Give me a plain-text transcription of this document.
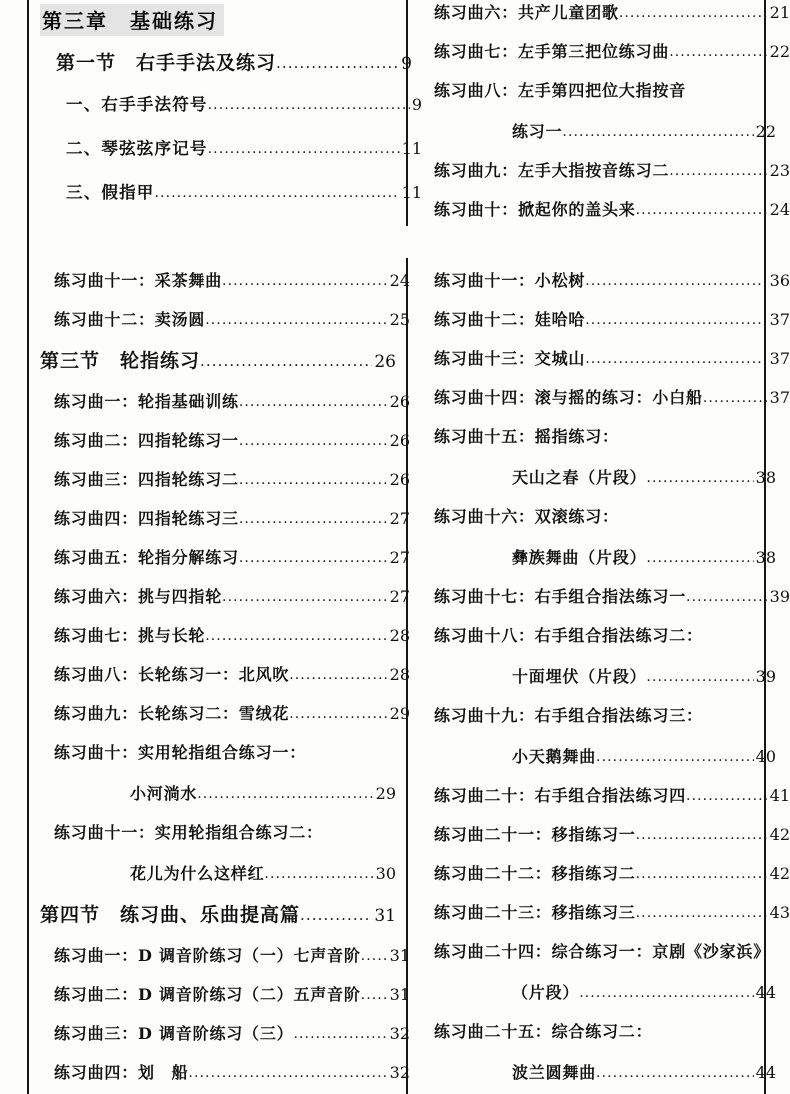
第三章　基础练习
第一节　右手手法及练习 .....	9
一、右手手法符号 .....	9
二、琴弦弦序记号 .....	11
三、假指甲 .....	11
练习曲十一：采茶舞曲 .....	24
练习曲十二：卖汤圆 .....	25
第三节　轮指练习 .....	26
练习曲一：轮指基础训练 .....	26
练习曲二：四指轮练习一 .....	26
练习曲三：四指轮练习二 .....	26
练习曲四：四指轮练习三 .....	27
练习曲五：轮指分解练习 .....	27
练习曲六：挑与四指轮 .....	27
练习曲七：挑与长轮 .....	28
练习曲八：长轮练习一：北风吹 .....	28
练习曲九：长轮练习二：雪绒花 .....	29
练习曲十：实用轮指组合练习一：
小河淌水 .....	29
练习曲十一：实用轮指组合练习二：
花儿为什么这样红 .....	30
第四节　练习曲、乐曲提高篇 .....	31
练习曲一：D 调音阶练习（一）七声音阶 ..... 31
练习曲二：D 调音阶练习（二）五声音阶 ..... 31
练习曲三：D 调音阶练习（三） .....	32
练习曲四：划　船 .....	32
练习曲六：共产儿童团歌 .....	21
练习曲七：左手第三把位练习曲 .....	22
练习曲八：左手第四把位大指按音
练习一 .....	22
练习曲九：左手大指按音练习二 .....	23
练习曲十：掀起你的盖头来 .....	24
练习曲十一：小松树 .....	36
练习曲十二：娃哈哈 .....	37
练习曲十三：交城山 .....	37
练习曲十四：滚与摇的练习：小白船 .....	37
练习曲十五：摇指练习：
天山之春（片段） .....	38
练习曲十六：双滚练习：
彝族舞曲（片段） .....	38
练习曲十七：右手组合指法练习一 .....	39
练习曲十八：右手组合指法练习二：
十面埋伏（片段） .....	39
练习曲十九：右手组合指法练习三：
小天鹅舞曲 .....	40
练习曲二十：右手组合指法练习四 .....	41
练习曲二十一：移指练习一 .....	42
练习曲二十二：移指练习二 .....	42
练习曲二十三：移指练习三 .....	43
练习曲二十四：综合练习一：京剧《沙家浜》
（片段） .....	44
练习曲二十五：综合练习二：
波兰圆舞曲 .....	44
